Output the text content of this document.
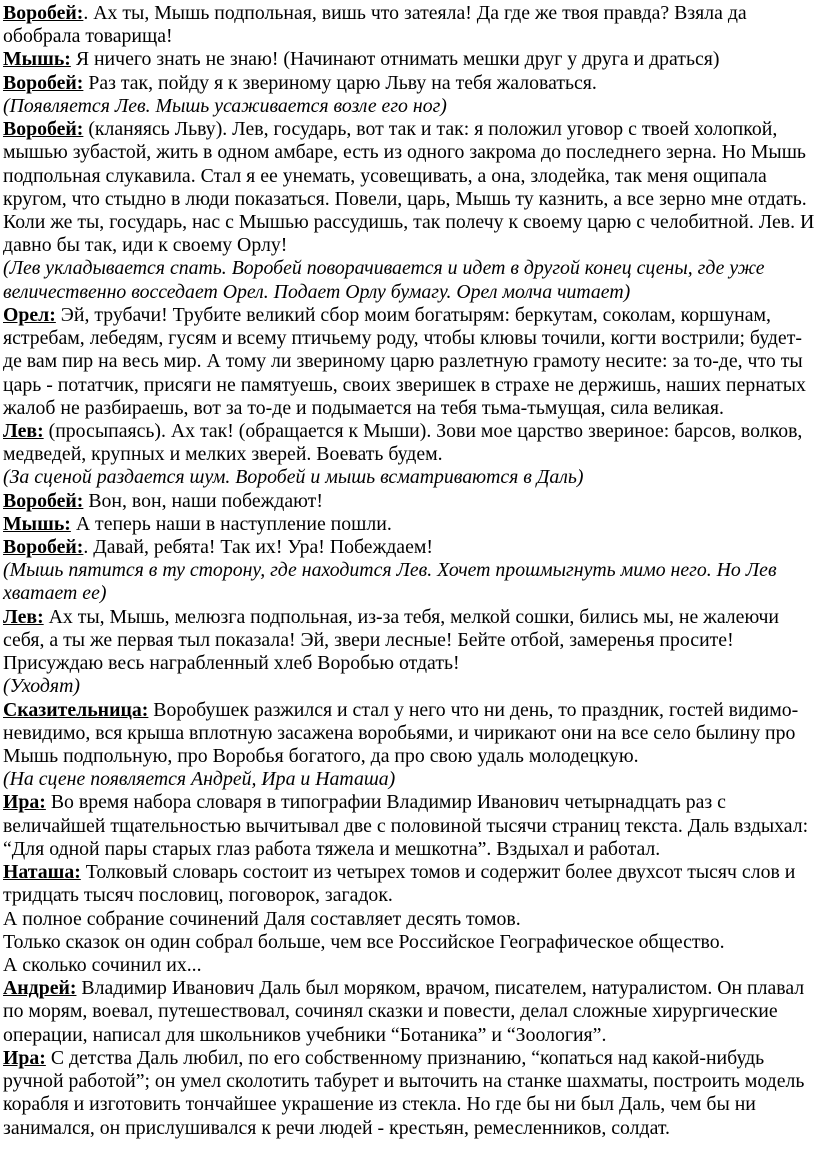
Воробей:. Ах ты, Мышь подпольная, вишь что затеяла! Да где же твоя правда? Взяла да обобрала товарища!

Мышь: Я ничего знать не знаю! (Начинают отнимать мешки друг у друга и драться)

Воробей: Раз так, пойду я к звериному царю Льву на тебя жаловаться.

(Появляется Лев. Мышь усаживается возле его ног)

Воробей: (кланяясь Льву). Лев, государь, вот так и так: я положил уговор с твоей холопкой, мышью зубастой, жить в одном амбаре, есть из одного закрома до последнего зерна. Но Мышь подпольная слукавила. Стал я ее унемать, усовещивать, а она, злодейка, так меня ощипала кругом, что стыдно в люди показаться. Повели, царь, Мышь ту казнить, а все зерно мне отдать. Коли же ты, государь, нас с Мышью рассудишь, так полечу к своему царю с челобитной. Лев. И давно бы так, иди к своему Орлу!

(Лев укладывается спать. Воробей поворачивается и идет в другой конец сцены, где уже величественно восседает Орел. Подает Орлу бумагу. Орел молча читает)

Орел: Эй, трубачи! Трубите великий сбор моим богатырям: беркутам, соколам, коршунам, ястребам, лебедям, гусям и всему птичьему роду, чтобы клювы точили, когти вострили; будет-де вам пир на весь мир. А тому ли звериному царю разлетную грамоту несите: за то-де, что ты царь - потатчик, присяги не памятуешь, своих зверишек в страхе не держишь, наших пернатых жалоб не разбираешь, вот за то-де и подымается на тебя тьма-тьмущая, сила великая.

Лев: (просыпаясь). Ах так! (обращается к Мыши). Зови мое царство звериное: барсов, волков, медведей, крупных и мелких зверей. Воевать будем.

(За сценой раздается шум. Воробей и мышь всматриваются в Даль)

Воробей: Вон, вон, наши побеждают!

Мышь: А теперь наши в наступление пошли.

Воробей:. Давай, ребята! Так их! Ура! Побеждаем!

(Мышь пятится в ту сторону, где находится Лев. Хочет прошмыгнуть мимо него. Но Лев хватает ее)

Лев: Ах ты, Мышь, мелюзга подпольная, из-за тебя, мелкой сошки, бились мы, не жалеючи себя, а ты же первая тыл показала! Эй, звери лесные! Бейте отбой, замеренья просите! Присуждаю весь награбленный хлеб Воробью отдать!

(Уходят)

Сказительница: Воробушек разжился и стал у него что ни день, то праздник, гостей видимо-невидимо, вся крыша вплотную засажена воробьями, и чирикают они на все село былину про Мышь подпольную, про Воробья богатого, да про свою удаль молодецкую.

(На сцене появляется Андрей, Ира и Наташа)

Ира: Во время набора словаря в типографии Владимир Иванович четырнадцать раз с величайшей тщательностью вычитывал две с половиной тысячи страниц текста. Даль вздыхал: “Для одной пары старых глаз работа тяжела и мешкотна”. Вздыхал и работал.

Наташа: Толковый словарь состоит из четырех томов и содержит более двухсот тысяч слов и тридцать тысяч пословиц, поговорок, загадок.

А полное собрание сочинений Даля составляет десять томов.

Только сказок он один собрал больше, чем все Российское Географическое общество.

А сколько сочинил их...

Андрей: Владимир Иванович Даль был моряком, врачом, писателем, натуралистом. Он плавал по морям, воевал, путешествовал, сочинял сказки и повести, делал сложные хирургические операции, написал для школьников учебники “Ботаника” и “Зоология”.

Ира: С детства Даль любил, по его собственному признанию, “копаться над какой-нибудь ручной работой”; он умел сколотить табурет и выточить на станке шахматы, построить модель корабля и изготовить тончайшее украшение из стекла. Но где бы ни был Даль, чем бы ни занимался, он прислушивался к речи людей - крестьян, ремесленников, солдат.
